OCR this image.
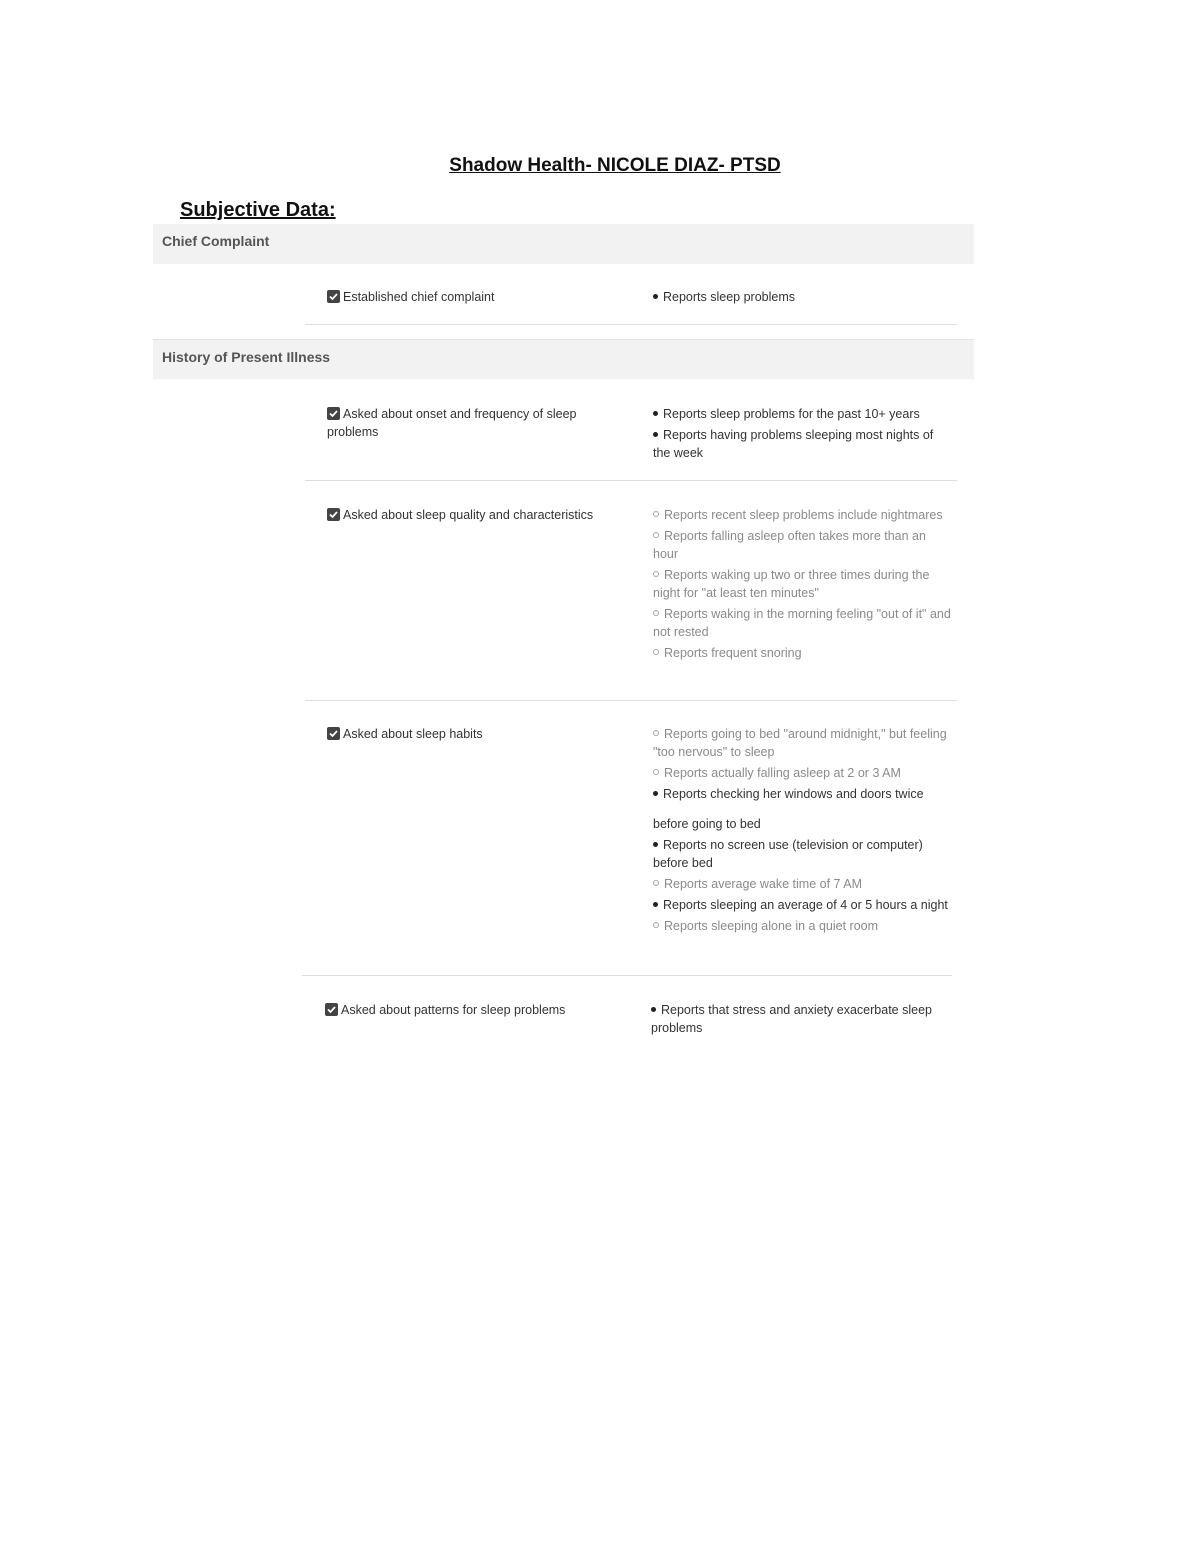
Shadow Health- NICOLE DIAZ- PTSD
Subjective Data:
Chief Complaint
Established chief complaint	Reports sleep problems
History of Present Illness
Asked about onset and frequency of sleep problems
Reports sleep problems for the past 10+ years
Reports having problems sleeping most nights of the week
Asked about sleep quality and characteristics	Reports recent sleep problems include nightmares
Reports falling asleep often takes more than an hour
Reports waking up two or three times during the night for "at least ten minutes"
Reports waking in the morning feeling "out of it" and not rested
Reports frequent snoring
Asked about sleep habits	Reports going to bed "around midnight," but feeling "too nervous" to sleep
Reports actually falling asleep at 2 or 3 AM
Reports checking her windows and doors twice
before going to bed
Reports no screen use (television or computer) before bed
Reports average wake time of 7 AM
Reports sleeping an average of 4 or 5 hours a night
Reports sleeping alone in a quiet room
Asked about patterns for sleep problems	Reports that stress and anxiety exacerbate sleep problems
